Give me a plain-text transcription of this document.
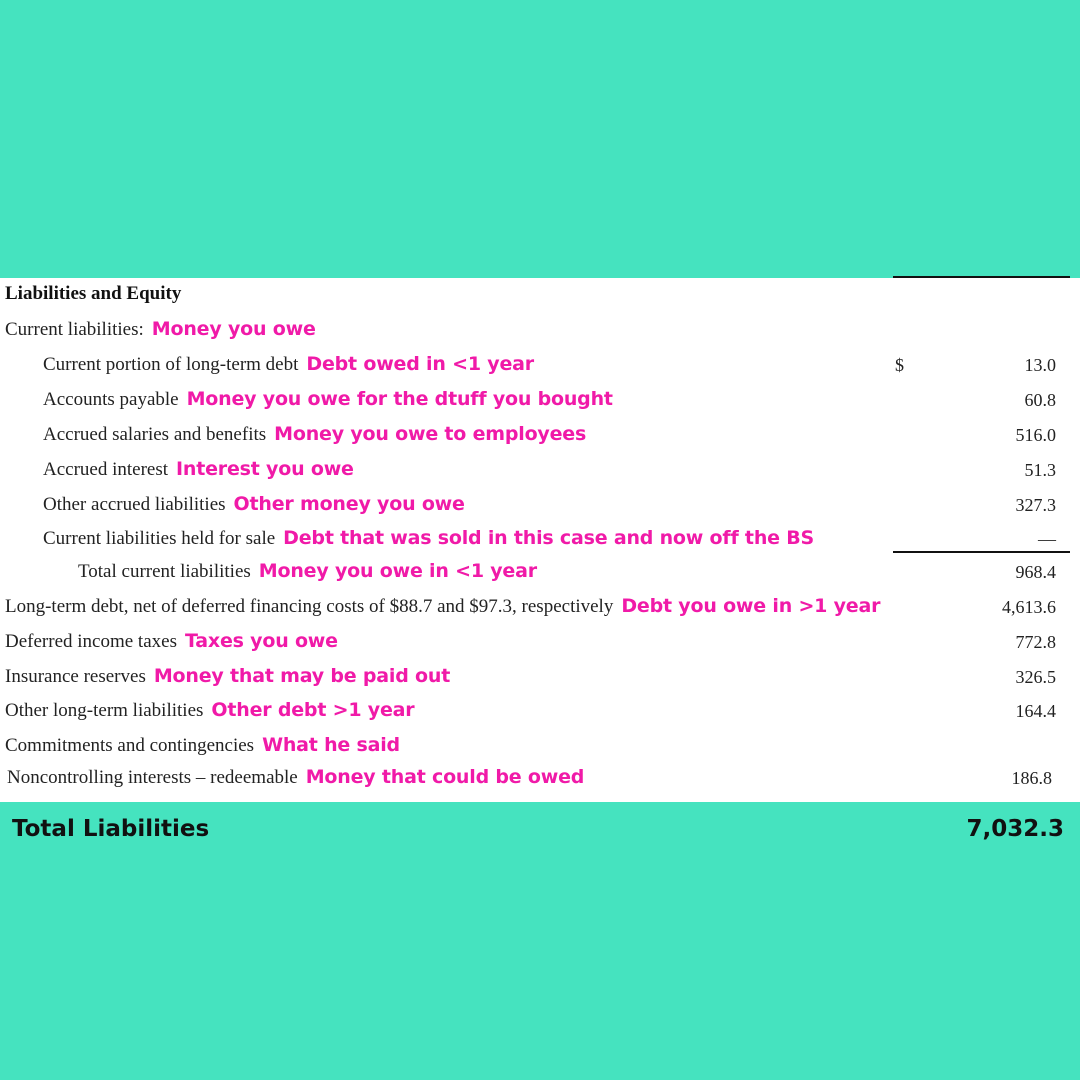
Liabilities and Equity
Current liabilities: Money you owe
Current portion of long-term debt Debt owed in <1 year	$	13.0
Accounts payable Money you owe for the dtuff you bought	60.8
Accrued salaries and benefits Money you owe to employees	516.0
Accrued interest Interest you owe	51.3
Other accrued liabilities Other money you owe	327.3
Current liabilities held for sale Debt that was sold in this case and now off the BS	—
Total current liabilities Money you owe in <1 year	968.4
Long-term debt, net of deferred financing costs of $88.7 and $97.3, respectively Debt you owe in >1 year	4,613.6
Deferred income taxes Taxes you owe	772.8
Insurance reserves Money that may be paid out	326.5
Other long-term liabilities Other debt >1 year	164.4
Commitments and contingencies What he said
Noncontrolling interests – redeemable Money that could be owed	186.8
Total Liabilities	7,032.3
